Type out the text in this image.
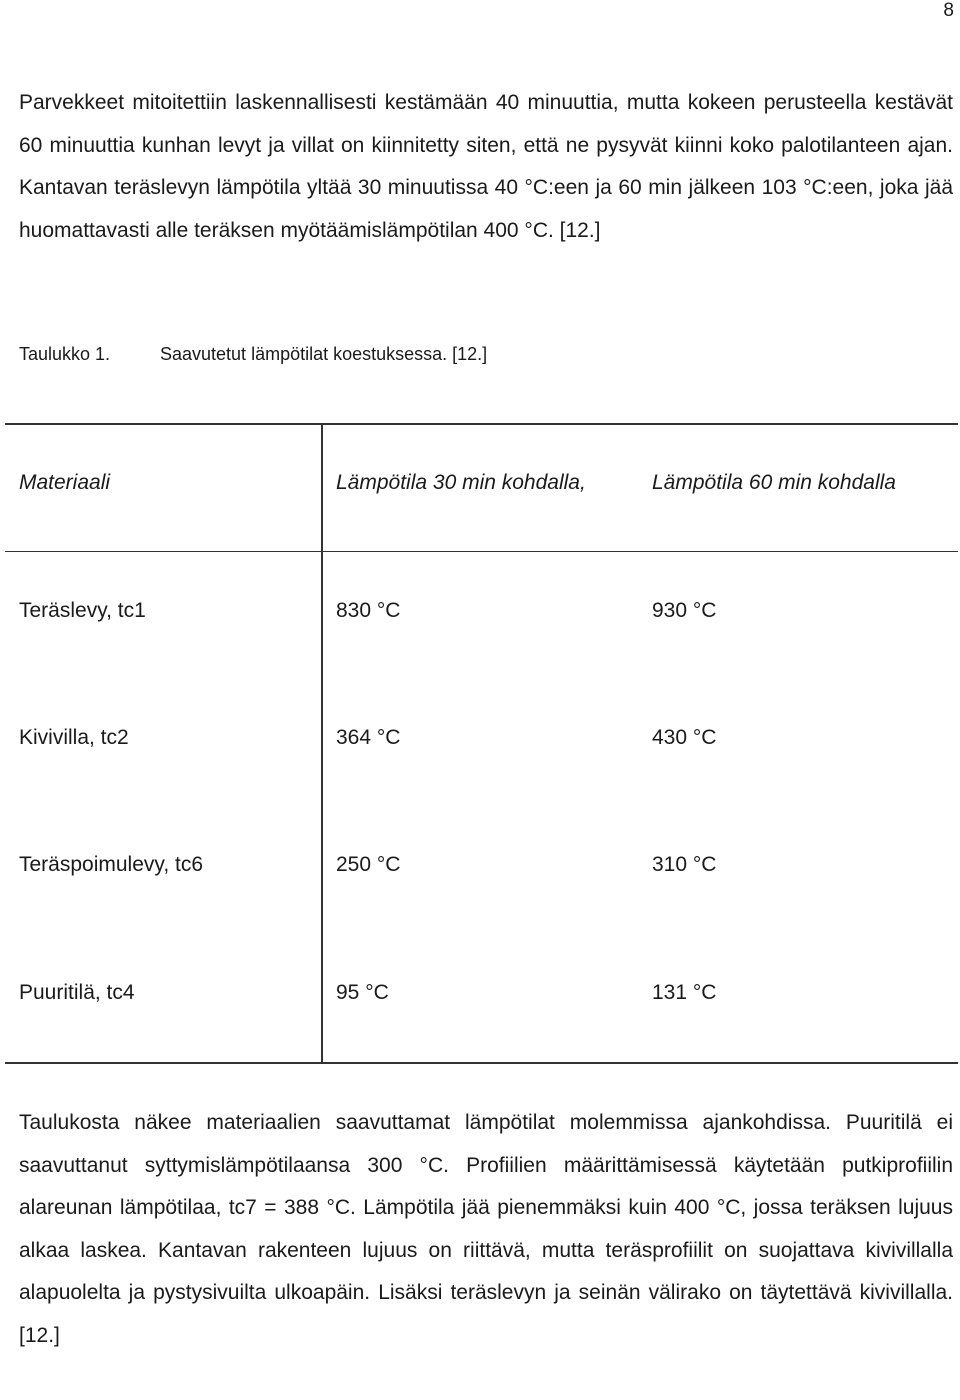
8

Parvekkeet mitoitettiin laskennallisesti kestämään 40 minuuttia, mutta kokeen perusteella kestävät 60 minuuttia kunhan levyt ja villat on kiinnitetty siten, että ne pysyvät kiinni koko palotilanteen ajan. Kantavan teräslevyn lämpötila yltää 30 minuutissa 40 °C:een ja 60 min jälkeen 103 °C:een, joka jää huomattavasti alle teräksen myötäämislämpötilan 400 °C. [12.]

Taulukko 1.	Saavutetut lämpötilat koestuksessa. [12.]
Materiaali	Lämpötila 30 min kohdalla,	Lämpötila 60 min kohdalla
Teräslevy, tc1	830 °C	930 °C
Kivivilla, tc2	364 °C	430 °C
Teräspoimulevy, tc6	250 °C	310 °C
Puuritilä, tc4	95 °C	131 °C

Taulukosta näkee materiaalien saavuttamat lämpötilat molemmissa ajankohdissa. Puuritilä ei saavuttanut syttymislämpötilaansa 300 °C. Profiilien määrittämisessä käytetään putkiprofiilin alareunan lämpötilaa, tc7 = 388 °C. Lämpötila jää pienemmäksi kuin 400 °C, jossa teräksen lujuus alkaa laskea. Kantavan rakenteen lujuus on riittävä, mutta teräsprofiilit on suojattava kivivillalla alapuolelta ja pystysivuilta ulkoapäin. Lisäksi teräslevyn ja seinän välirako on täytettävä kivivillalla. [12.]
